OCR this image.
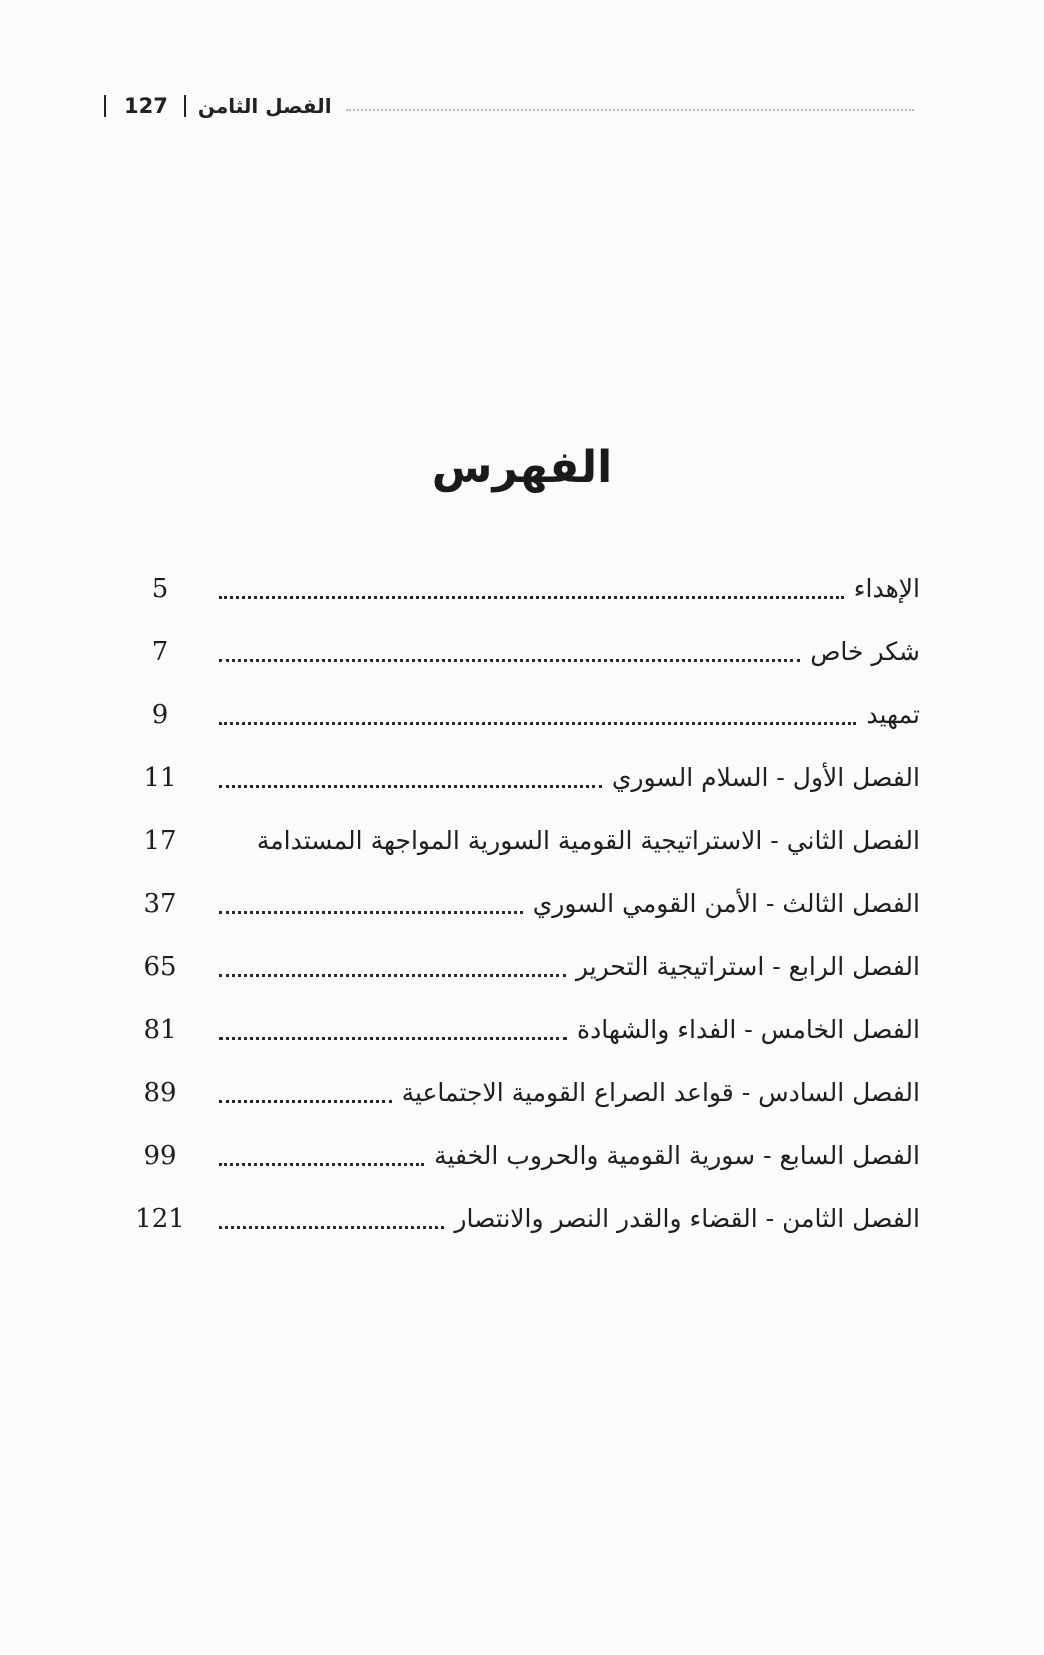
127 الفصل الثامن
الفهرس
الإهداء
5
شكر خاص
7
تمهيد
9
الفصل الأول - السلام السوري
11
الفصل الثاني - الاستراتيجية القومية السورية المواجهة المستدامة
17
الفصل الثالث - الأمن القومي السوري
37
الفصل الرابع - استراتيجية التحرير
65
الفصل الخامس - الفداء والشهادة
81
الفصل السادس - قواعد الصراع القومية الاجتماعية
89
الفصل السابع - سورية القومية والحروب الخفية
99
الفصل الثامن - القضاء والقدر النصر والانتصار
121
